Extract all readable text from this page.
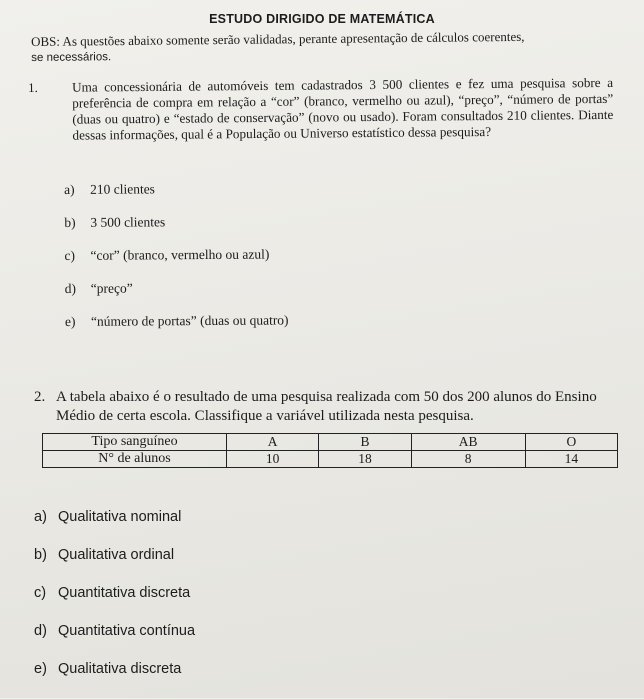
ESTUDO DIRIGIDO DE MATEMÁTICA
OBS: As questões abaixo somente serão validadas, perante apresentação de cálculos coerentes,
se necessários.
1.	Uma concessionária de automóveis tem cadastrados 3 500 clientes e fez uma pesquisa sobre a preferência de compra em relação a “cor” (branco, vermelho ou azul), “preço”, “número de portas” (duas ou quatro) e “estado de conservação” (novo ou usado). Foram consultados 210 clientes. Diante dessas informações, qual é a População ou Universo estatístico dessa pesquisa?
a) 210 clientes
b) 3 500 clientes
c) “cor” (branco, vermelho ou azul)
d) “preço”
e) “número de portas” (duas ou quatro)
2. A tabela abaixo é o resultado de uma pesquisa realizada com 50 dos 200 alunos do Ensino Médio de certa escola. Classifique a variável utilizada nesta pesquisa.
Tipo sanguíneo	A	B	AB	O
N° de alunos	10	18	8	14
a) Qualitativa nominal
b) Qualitativa ordinal
c) Quantitativa discreta
d) Quantitativa contínua
e) Qualitativa discreta
